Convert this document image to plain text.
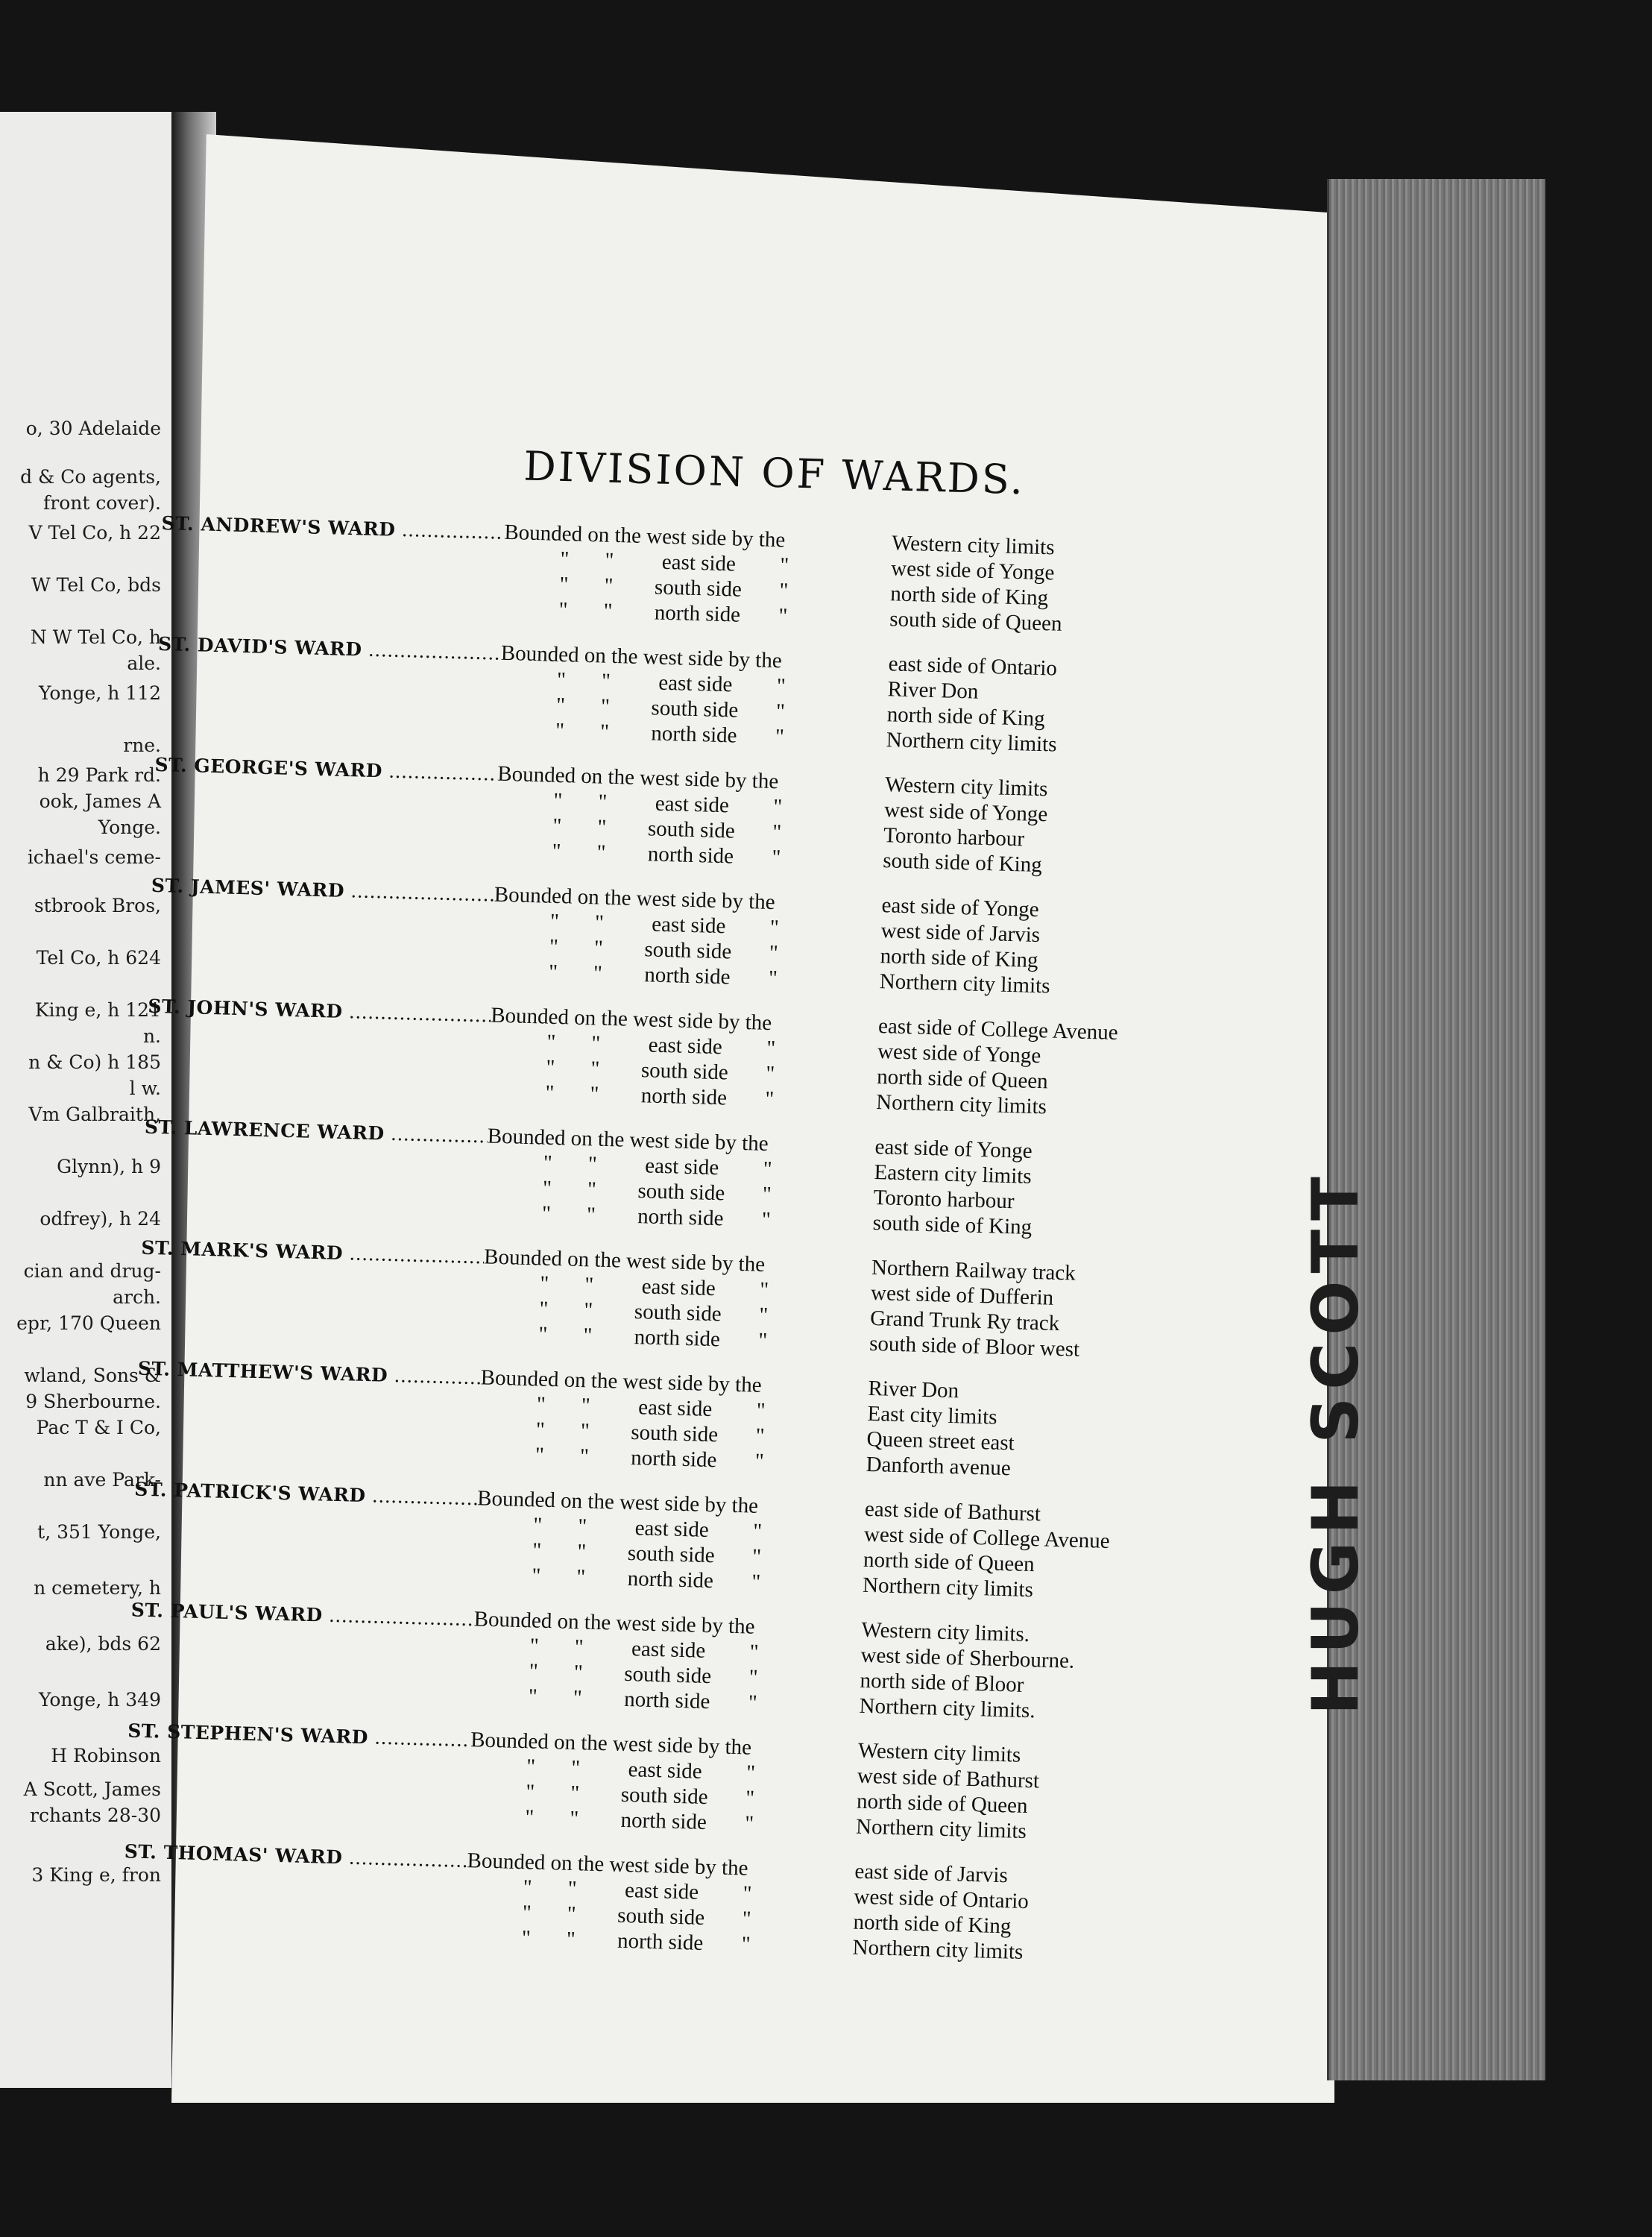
o, 30 Adelaide
d & Co agents,
front cover).
V Tel Co, h 22
W Tel Co, bds
N W Tel Co, h
ale.
Yonge, h 112
rne.
h 29 Park rd.
ook, James A
Yonge.
ichael's ceme-
stbrook Bros,
Tel Co, h 624
King e, h 121
n.
n & Co) h 185
l w.
Vm Galbraith,
Glynn), h 9
odfrey), h 24
cian and drug-
arch.
epr, 170 Queen
wland, Sons &
9 Sherbourne.
Pac T & I Co,
nn ave Park-
t, 351 Yonge,
n cemetery, h
ake), bds 62
Yonge, h 349
H Robinson
A Scott, James
rchants 28-30
3 King e, fron
HUGH SCOTT
DIVISION OF WARDS.
ST. ANDREW'S WARD .....	Bounded on the west side by the	Western city limits
"	"	east side	"	west side of Yonge
"	"	south side	"	north side of King
"	"	north side	"	south side of Queen
ST. DAVID'S WARD .....	Bounded on the west side by the	east side of Ontario
"	"	east side	"	River Don
"	"	south side	"	north side of King
"	"	north side	"	Northern city limits
ST. GEORGE'S WARD .....	Bounded on the west side by the	Western city limits
"	"	east side	"	west side of Yonge
"	"	south side	"	Toronto harbour
"	"	north side	"	south side of King
ST. JAMES' WARD .....	Bounded on the west side by the	east side of Yonge
"	"	east side	"	west side of Jarvis
"	"	south side	"	north side of King
"	"	north side	"	Northern city limits
ST. JOHN'S WARD .....	Bounded on the west side by the	east side of College Avenue
"	"	east side	"	west side of Yonge
"	"	south side	"	north side of Queen
"	"	north side	"	Northern city limits
ST. LAWRENCE WARD .....	Bounded on the west side by the	east side of Yonge
"	"	east side	"	Eastern city limits
"	"	south side	"	Toronto harbour
"	"	north side	"	south side of King
ST. MARK'S WARD .....	Bounded on the west side by the	Northern Railway track
"	"	east side	"	west side of Dufferin
"	"	south side	"	Grand Trunk Ry track
"	"	north side	"	south side of Bloor west
ST. MATTHEW'S WARD .....	Bounded on the west side by the	River Don
"	"	east side	"	East city limits
"	"	south side	"	Queen street east
"	"	north side	"	Danforth avenue
ST. PATRICK'S WARD .....	Bounded on the west side by the	east side of Bathurst
"	"	east side	"	west side of College Avenue
"	"	south side	"	north side of Queen
"	"	north side	"	Northern city limits
ST. PAUL'S WARD .....	Bounded on the west side by the	Western city limits.
"	"	east side	"	west side of Sherbourne.
"	"	south side	"	north side of Bloor
"	"	north side	"	Northern city limits.
ST. STEPHEN'S WARD .....	Bounded on the west side by the	Western city limits
"	"	east side	"	west side of Bathurst
"	"	south side	"	north side of Queen
"	"	north side	"	Northern city limits
ST. THOMAS' WARD .....	Bounded on the west side by the	east side of Jarvis
"	"	east side	"	west side of Ontario
"	"	south side	"	north side of King
"	"	north side	"	Northern city limits
